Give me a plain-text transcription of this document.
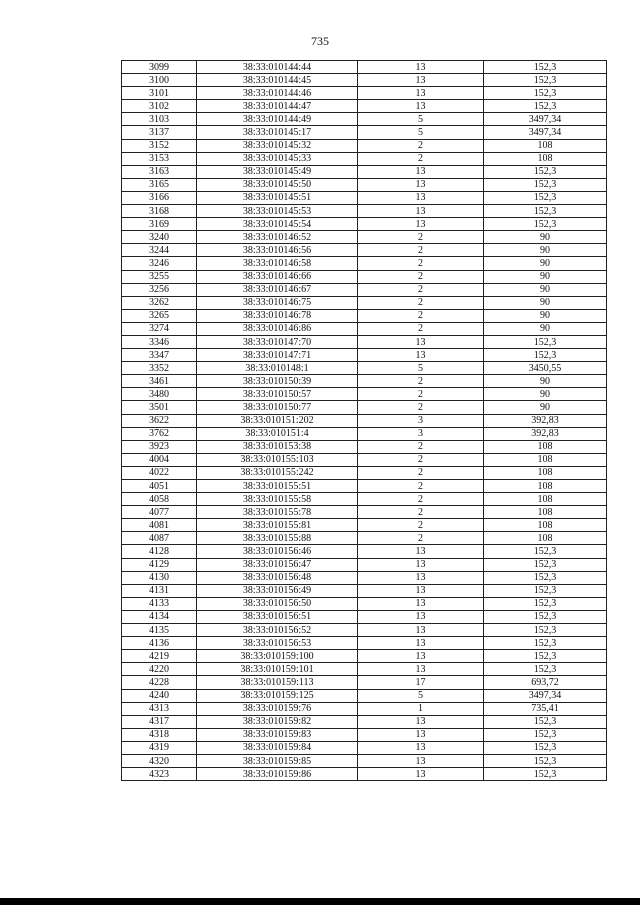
735
3099	38:33:010144:44	13	152,3
3100	38:33:010144:45	13	152,3
3101	38:33:010144:46	13	152,3
3102	38:33:010144:47	13	152,3
3103	38:33:010144:49	5	3497,34
3137	38:33:010145:17	5	3497,34
3152	38:33:010145:32	2	108
3153	38:33:010145:33	2	108
3163	38:33:010145:49	13	152,3
3165	38:33:010145:50	13	152,3
3166	38:33:010145:51	13	152,3
3168	38:33:010145:53	13	152,3
3169	38:33:010145:54	13	152,3
3240	38:33:010146:52	2	90
3244	38:33:010146:56	2	90
3246	38:33:010146:58	2	90
3255	38:33:010146:66	2	90
3256	38:33:010146:67	2	90
3262	38:33:010146:75	2	90
3265	38:33:010146:78	2	90
3274	38:33:010146:86	2	90
3346	38:33:010147:70	13	152,3
3347	38:33:010147:71	13	152,3
3352	38:33:010148:1	5	3450,55
3461	38:33:010150:39	2	90
3480	38:33:010150:57	2	90
3501	38:33:010150:77	2	90
3622	38:33:010151:202	3	392,83
3762	38:33:010151:4	3	392,83
3923	38:33:010153:38	2	108
4004	38:33:010155:103	2	108
4022	38:33:010155:242	2	108
4051	38:33:010155:51	2	108
4058	38:33:010155:58	2	108
4077	38:33:010155:78	2	108
4081	38:33:010155:81	2	108
4087	38:33:010155:88	2	108
4128	38:33:010156:46	13	152,3
4129	38:33:010156:47	13	152,3
4130	38:33:010156:48	13	152,3
4131	38:33:010156:49	13	152,3
4133	38:33:010156:50	13	152,3
4134	38:33:010156:51	13	152,3
4135	38:33:010156:52	13	152,3
4136	38:33:010156:53	13	152,3
4219	38:33:010159:100	13	152,3
4220	38:33:010159:101	13	152,3
4228	38:33:010159:113	17	693,72
4240	38:33:010159:125	5	3497,34
4313	38:33:010159:76	1	735,41
4317	38:33:010159:82	13	152,3
4318	38:33:010159:83	13	152,3
4319	38:33:010159:84	13	152,3
4320	38:33:010159:85	13	152,3
4323	38:33:010159:86	13	152,3
